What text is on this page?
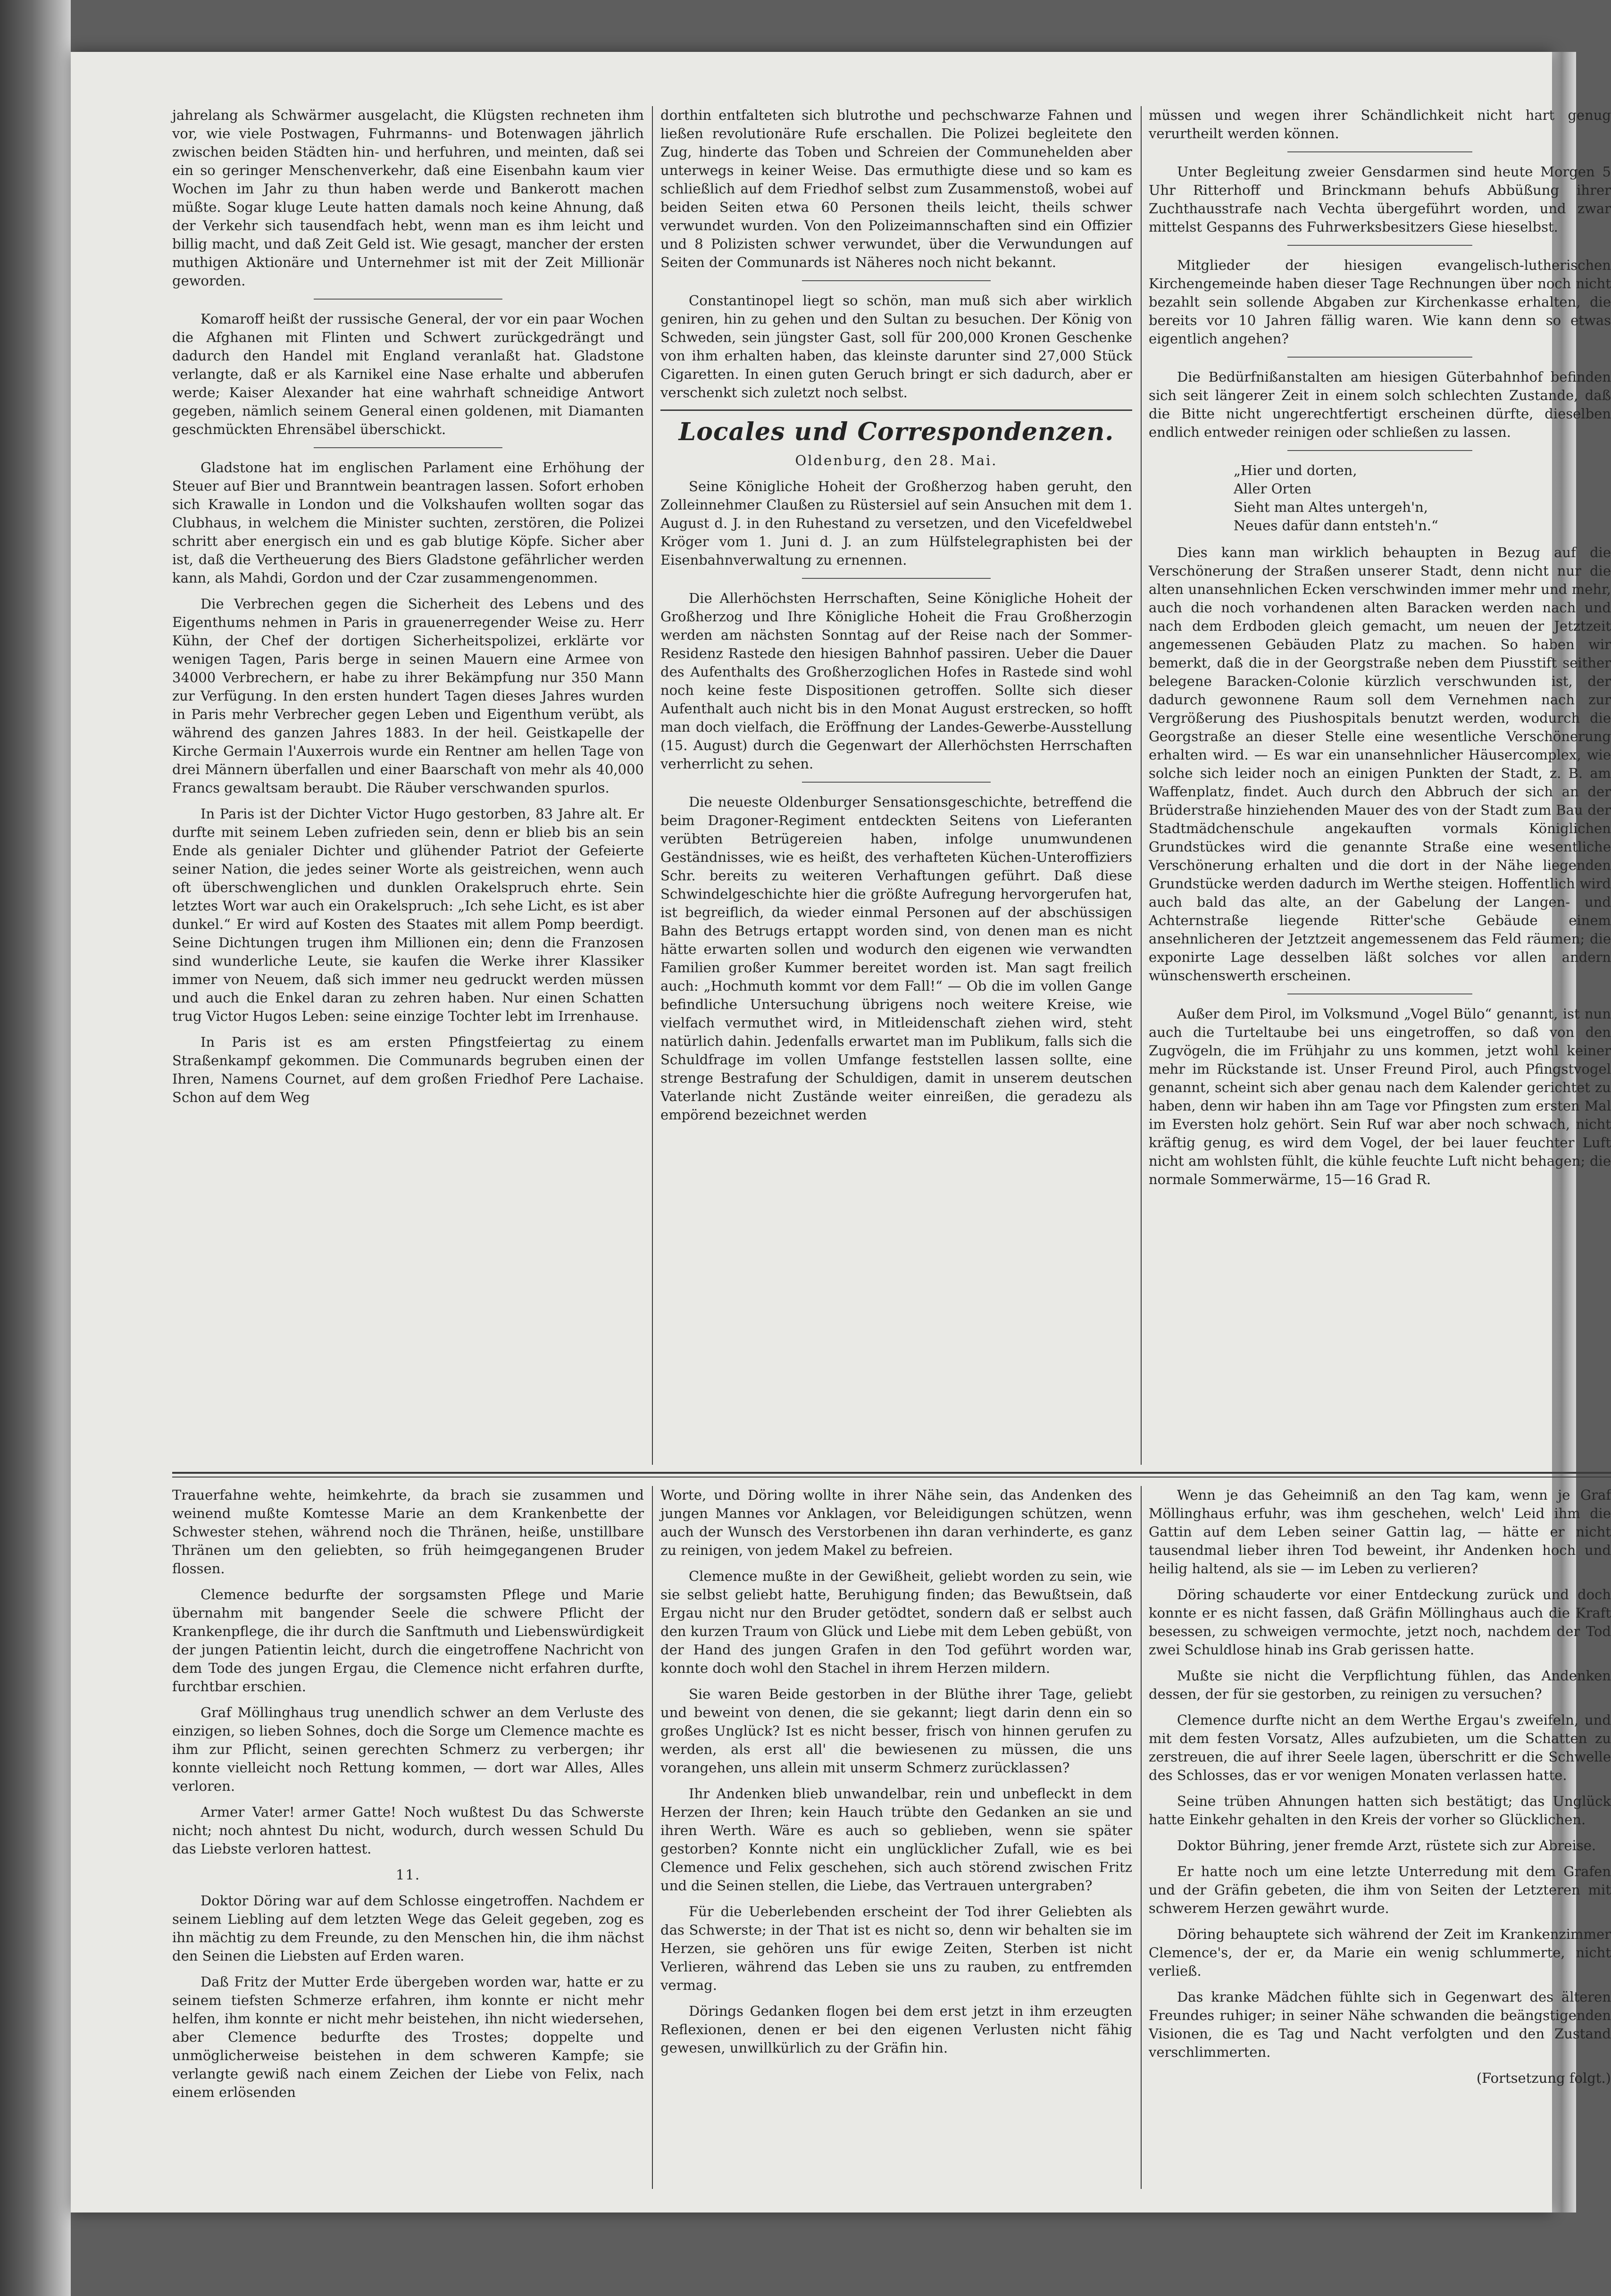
jahrelang als Schwärmer ausgelacht, die Klügsten rechneten ihm vor, wie viele Postwagen, Fuhrmanns- und Botenwagen jährlich zwischen beiden Städten hin- und herfuhren, und meinten, daß sei ein so geringer Menschenverkehr, daß eine Eisenbahn kaum vier Wochen im Jahr zu thun haben werde und Bankerott machen müßte. Sogar kluge Leute hatten damals noch keine Ahnung, daß der Verkehr sich tausendfach hebt, wenn man es ihm leicht und billig macht, und daß Zeit Geld ist. Wie gesagt, mancher der ersten muthigen Aktionäre und Unternehmer ist mit der Zeit Millionär geworden.

Komaroff heißt der russische General, der vor ein paar Wochen die Afghanen mit Flinten und Schwert zurückgedrängt und dadurch den Handel mit England veranlaßt hat. Gladstone verlangte, daß er als Karnikel eine Nase erhalte und abberufen werde; Kaiser Alexander hat eine wahrhaft schneidige Antwort gegeben, nämlich seinem General einen goldenen, mit Diamanten geschmückten Ehrensäbel überschickt.

Gladstone hat im englischen Parlament eine Erhöhung der Steuer auf Bier und Branntwein beantragen lassen. Sofort erhoben sich Krawalle in London und die Volkshaufen wollten sogar das Clubhaus, in welchem die Minister suchten, zerstören, die Polizei schritt aber energisch ein und es gab blutige Köpfe. Sicher aber ist, daß die Vertheuerung des Biers Gladstone gefährlicher werden kann, als Mahdi, Gordon und der Czar zusammengenommen.

Die Verbrechen gegen die Sicherheit des Lebens und des Eigenthums nehmen in Paris in grauenerregender Weise zu. Herr Kühn, der Chef der dortigen Sicherheitspolizei, erklärte vor wenigen Tagen, Paris berge in seinen Mauern eine Armee von 34000 Verbrechern, er habe zu ihrer Bekämpfung nur 350 Mann zur Verfügung. In den ersten hundert Tagen dieses Jahres wurden in Paris mehr Verbrecher gegen Leben und Eigenthum verübt, als während des ganzen Jahres 1883. In der heil. Geistkapelle der Kirche Germain l'Auxerrois wurde ein Rentner am hellen Tage von drei Männern überfallen und einer Baarschaft von mehr als 40,000 Francs gewaltsam beraubt. Die Räuber verschwanden spurlos.

In Paris ist der Dichter Victor Hugo gestorben, 83 Jahre alt. Er durfte mit seinem Leben zufrieden sein, denn er blieb bis an sein Ende als genialer Dichter und glühender Patriot der Gefeierte seiner Nation, die jedes seiner Worte als geistreichen, wenn auch oft überschwenglichen und dunklen Orakelspruch ehrte. Sein letztes Wort war auch ein Orakelspruch: „Ich sehe Licht, es ist aber dunkel.“ Er wird auf Kosten des Staates mit allem Pomp beerdigt. Seine Dichtungen trugen ihm Millionen ein; denn die Franzosen sind wunderliche Leute, sie kaufen die Werke ihrer Klassiker immer von Neuem, daß sich immer neu gedruckt werden müssen und auch die Enkel daran zu zehren haben. Nur einen Schatten trug Victor Hugos Leben: seine einzige Tochter lebt im Irrenhause.

In Paris ist es am ersten Pfingstfeiertag zu einem Straßenkampf gekommen. Die Communards begruben einen der Ihren, Namens Cournet, auf dem großen Friedhof Pere Lachaise. Schon auf dem Weg

dorthin entfalteten sich blutrothe und pechschwarze Fahnen und ließen revolutionäre Rufe erschallen. Die Polizei begleitete den Zug, hinderte das Toben und Schreien der Communehelden aber unterwegs in keiner Weise. Das ermuthigte diese und so kam es schließlich auf dem Friedhof selbst zum Zusammenstoß, wobei auf beiden Seiten etwa 60 Personen theils leicht, theils schwer verwundet wurden. Von den Polizeimannschaften sind ein Offizier und 8 Polizisten schwer verwundet, über die Verwundungen auf Seiten der Communards ist Näheres noch nicht bekannt.

Constantinopel liegt so schön, man muß sich aber wirklich geniren, hin zu gehen und den Sultan zu besuchen. Der König von Schweden, sein jüngster Gast, soll für 200,000 Kronen Geschenke von ihm erhalten haben, das kleinste darunter sind 27,000 Stück Cigaretten. In einen guten Geruch bringt er sich dadurch, aber er verschenkt sich zuletzt noch selbst.

Locales und Correspondenzen.

Oldenburg, den 28. Mai.

Seine Königliche Hoheit der Großherzog haben geruht, den Zolleinnehmer Claußen zu Rüstersiel auf sein Ansuchen mit dem 1. August d. J. in den Ruhestand zu versetzen, und den Vicefeldwebel Kröger vom 1. Juni d. J. an zum Hülfstelegraphisten bei der Eisenbahnverwaltung zu ernennen.

Die Allerhöchsten Herrschaften, Seine Königliche Hoheit der Großherzog und Ihre Königliche Hoheit die Frau Großherzogin werden am nächsten Sonntag auf der Reise nach der Sommer-Residenz Rastede den hiesigen Bahnhof passiren. Ueber die Dauer des Aufenthalts des Großherzoglichen Hofes in Rastede sind wohl noch keine feste Dispositionen getroffen. Sollte sich dieser Aufenthalt auch nicht bis in den Monat August erstrecken, so hofft man doch vielfach, die Eröffnung der Landes-Gewerbe-Ausstellung (15. August) durch die Gegenwart der Allerhöchsten Herrschaften verherrlicht zu sehen.

Die neueste Oldenburger Sensationsgeschichte, betreffend die beim Dragoner-Regiment entdeckten Seitens von Lieferanten verübten Betrügereien haben, infolge unumwundenen Geständnisses, wie es heißt, des verhafteten Küchen-Unteroffiziers Schr. bereits zu weiteren Verhaftungen geführt. Daß diese Schwindelgeschichte hier die größte Aufregung hervorgerufen hat, ist begreiflich, da wieder einmal Personen auf der abschüssigen Bahn des Betrugs ertappt worden sind, von denen man es nicht hätte erwarten sollen und wodurch den eigenen wie verwandten Familien großer Kummer bereitet worden ist. Man sagt freilich auch: „Hochmuth kommt vor dem Fall!“ — Ob die im vollen Gange befindliche Untersuchung übrigens noch weitere Kreise, wie vielfach vermuthet wird, in Mitleidenschaft ziehen wird, steht natürlich dahin. Jedenfalls erwartet man im Publikum, falls sich die Schuldfrage im vollen Umfange feststellen lassen sollte, eine strenge Bestrafung der Schuldigen, damit in unserem deutschen Vaterlande nicht Zustände weiter einreißen, die geradezu als empörend bezeichnet werden

müssen und wegen ihrer Schändlichkeit nicht hart genug verurtheilt werden können.

Unter Begleitung zweier Gensdarmen sind heute Morgen 5 Uhr Ritterhoff und Brinckmann behufs Abbüßung ihrer Zuchthausstrafe nach Vechta übergeführt worden, und zwar mittelst Gespanns des Fuhrwerksbesitzers Giese hieselbst.

Mitglieder der hiesigen evangelisch-lutherischen Kirchengemeinde haben dieser Tage Rechnungen über noch nicht bezahlt sein sollende Abgaben zur Kirchenkasse erhalten, die bereits vor 10 Jahren fällig waren. Wie kann denn so etwas eigentlich angehen?

Die Bedürfnißanstalten am hiesigen Güterbahnhof befinden sich seit längerer Zeit in einem solch schlechten Zustande, daß die Bitte nicht ungerechtfertigt erscheinen dürfte, dieselben endlich entweder reinigen oder schließen zu lassen.

„Hier und dorten,

Aller Orten

Sieht man Altes untergeh'n,

Neues dafür dann entsteh'n.“

Dies kann man wirklich behaupten in Bezug auf die Verschönerung der Straßen unserer Stadt, denn nicht nur die alten unansehnlichen Ecken verschwinden immer mehr und mehr, auch die noch vorhandenen alten Baracken werden nach und nach dem Erdboden gleich gemacht, um neuen der Jetztzeit angemessenen Gebäuden Platz zu machen. So haben wir bemerkt, daß die in der Georgstraße neben dem Piusstift seither belegene Baracken-Colonie kürzlich verschwunden ist, der dadurch gewonnene Raum soll dem Vernehmen nach zur Vergrößerung des Piushospitals benutzt werden, wodurch die Georgstraße an dieser Stelle eine wesentliche Verschönerung erhalten wird. — Es war ein unansehnlicher Häusercomplex, wie solche sich leider noch an einigen Punkten der Stadt, z. B. am Waffenplatz, findet. Auch durch den Abbruch der sich an der Brüderstraße hinziehenden Mauer des von der Stadt zum Bau der Stadtmädchenschule angekauften vormals Königlichen Grundstückes wird die genannte Straße eine wesentliche Verschönerung erhalten und die dort in der Nähe liegenden Grundstücke werden dadurch im Werthe steigen. Hoffentlich wird auch bald das alte, an der Gabelung der Langen- und Achternstraße liegende Ritter'sche Gebäude einem ansehnlicheren der Jetztzeit angemessenem das Feld räumen; die exponirte Lage desselben läßt solches vor allen andern wünschenswerth erscheinen.

Außer dem Pirol, im Volksmund „Vogel Bülo“ genannt, ist nun auch die Turteltaube bei uns eingetroffen, so daß von den Zugvögeln, die im Frühjahr zu uns kommen, jetzt wohl keiner mehr im Rückstande ist. Unser Freund Pirol, auch Pfingstvogel genannt, scheint sich aber genau nach dem Kalender gerichtet zu haben, denn wir haben ihn am Tage vor Pfingsten zum ersten Mal im Eversten holz gehört. Sein Ruf war aber noch schwach, nicht kräftig genug, es wird dem Vogel, der bei lauer feuchter Luft nicht am wohlsten fühlt, die kühle feuchte Luft nicht behagen; die normale Sommerwärme, 15—16 Grad R.

Trauerfahne wehte, heimkehrte, da brach sie zusammen und weinend mußte Komtesse Marie an dem Krankenbette der Schwester stehen, während noch die Thränen, heiße, unstillbare Thränen um den geliebten, so früh heimgegangenen Bruder flossen.

Clemence bedurfte der sorgsamsten Pflege und Marie übernahm mit bangender Seele die schwere Pflicht der Krankenpflege, die ihr durch die Sanftmuth und Liebenswürdigkeit der jungen Patientin leicht, durch die eingetroffene Nachricht von dem Tode des jungen Ergau, die Clemence nicht erfahren durfte, furchtbar erschien.

Graf Möllinghaus trug unendlich schwer an dem Verluste des einzigen, so lieben Sohnes, doch die Sorge um Clemence machte es ihm zur Pflicht, seinen gerechten Schmerz zu verbergen; ihr konnte vielleicht noch Rettung kommen, — dort war Alles, Alles verloren.

Armer Vater! armer Gatte! Noch wußtest Du das Schwerste nicht; noch ahntest Du nicht, wodurch, durch wessen Schuld Du das Liebste verloren hattest.

11.

Doktor Döring war auf dem Schlosse eingetroffen. Nachdem er seinem Liebling auf dem letzten Wege das Geleit gegeben, zog es ihn mächtig zu dem Freunde, zu den Menschen hin, die ihm nächst den Seinen die Liebsten auf Erden waren.

Daß Fritz der Mutter Erde übergeben worden war, hatte er zu seinem tiefsten Schmerze erfahren, ihm konnte er nicht mehr helfen, ihm konnte er nicht mehr beistehen, ihn nicht wiedersehen, aber Clemence bedurfte des Trostes; doppelte und unmöglicherweise beistehen in dem schweren Kampfe; sie verlangte gewiß nach einem Zeichen der Liebe von Felix, nach einem erlösenden

Worte, und Döring wollte in ihrer Nähe sein, das Andenken des jungen Mannes vor Anklagen, vor Beleidigungen schützen, wenn auch der Wunsch des Verstorbenen ihn daran verhinderte, es ganz zu reinigen, von jedem Makel zu befreien.

Clemence mußte in der Gewißheit, geliebt worden zu sein, wie sie selbst geliebt hatte, Beruhigung finden; das Bewußtsein, daß Ergau nicht nur den Bruder getödtet, sondern daß er selbst auch den kurzen Traum von Glück und Liebe mit dem Leben gebüßt, von der Hand des jungen Grafen in den Tod geführt worden war, konnte doch wohl den Stachel in ihrem Herzen mildern.

Sie waren Beide gestorben in der Blüthe ihrer Tage, geliebt und beweint von denen, die sie gekannt; liegt darin denn ein so großes Unglück? Ist es nicht besser, frisch von hinnen gerufen zu werden, als erst all' die bewiesenen zu müssen, die uns vorangehen, uns allein mit unserm Schmerz zurücklassen?

Ihr Andenken blieb unwandelbar, rein und unbefleckt in dem Herzen der Ihren; kein Hauch trübte den Gedanken an sie und ihren Werth. Wäre es auch so geblieben, wenn sie später gestorben? Konnte nicht ein unglücklicher Zufall, wie es bei Clemence und Felix geschehen, sich auch störend zwischen Fritz und die Seinen stellen, die Liebe, das Vertrauen untergraben?

Für die Ueberlebenden erscheint der Tod ihrer Geliebten als das Schwerste; in der That ist es nicht so, denn wir behalten sie im Herzen, sie gehören uns für ewige Zeiten, Sterben ist nicht Verlieren, während das Leben sie uns zu rauben, zu entfremden vermag.

Dörings Gedanken flogen bei dem erst jetzt in ihm erzeugten Reflexionen, denen er bei den eigenen Verlusten nicht fähig gewesen, unwillkürlich zu der Gräfin hin.

Wenn je das Geheimniß an den Tag kam, wenn je Graf Möllinghaus erfuhr, was ihm geschehen, welch' Leid ihm die Gattin auf dem Leben seiner Gattin lag, — hätte er nicht tausendmal lieber ihren Tod beweint, ihr Andenken hoch und heilig haltend, als sie — im Leben zu verlieren?

Döring schauderte vor einer Entdeckung zurück und doch konnte er es nicht fassen, daß Gräfin Möllinghaus auch die Kraft besessen, zu schweigen vermochte, jetzt noch, nachdem der Tod zwei Schuldlose hinab ins Grab gerissen hatte.

Mußte sie nicht die Verpflichtung fühlen, das Andenken dessen, der für sie gestorben, zu reinigen zu versuchen?

Clemence durfte nicht an dem Werthe Ergau's zweifeln, und mit dem festen Vorsatz, Alles aufzubieten, um die Schatten zu zerstreuen, die auf ihrer Seele lagen, überschritt er die Schwelle des Schlosses, das er vor wenigen Monaten verlassen hatte.

Seine trüben Ahnungen hatten sich bestätigt; das Unglück hatte Einkehr gehalten in den Kreis der vorher so Glücklichen.

Doktor Bühring, jener fremde Arzt, rüstete sich zur Abreise.

Er hatte noch um eine letzte Unterredung mit dem Grafen und der Gräfin gebeten, die ihm von Seiten der Letzteren mit schwerem Herzen gewährt wurde.

Döring behauptete sich während der Zeit im Krankenzimmer Clemence's, der er, da Marie ein wenig schlummerte, nicht verließ.

Das kranke Mädchen fühlte sich in Gegenwart des älteren Freundes ruhiger; in seiner Nähe schwanden die beängstigenden Visionen, die es Tag und Nacht verfolgten und den Zustand verschlimmerten.

(Fortsetzung folgt.)
